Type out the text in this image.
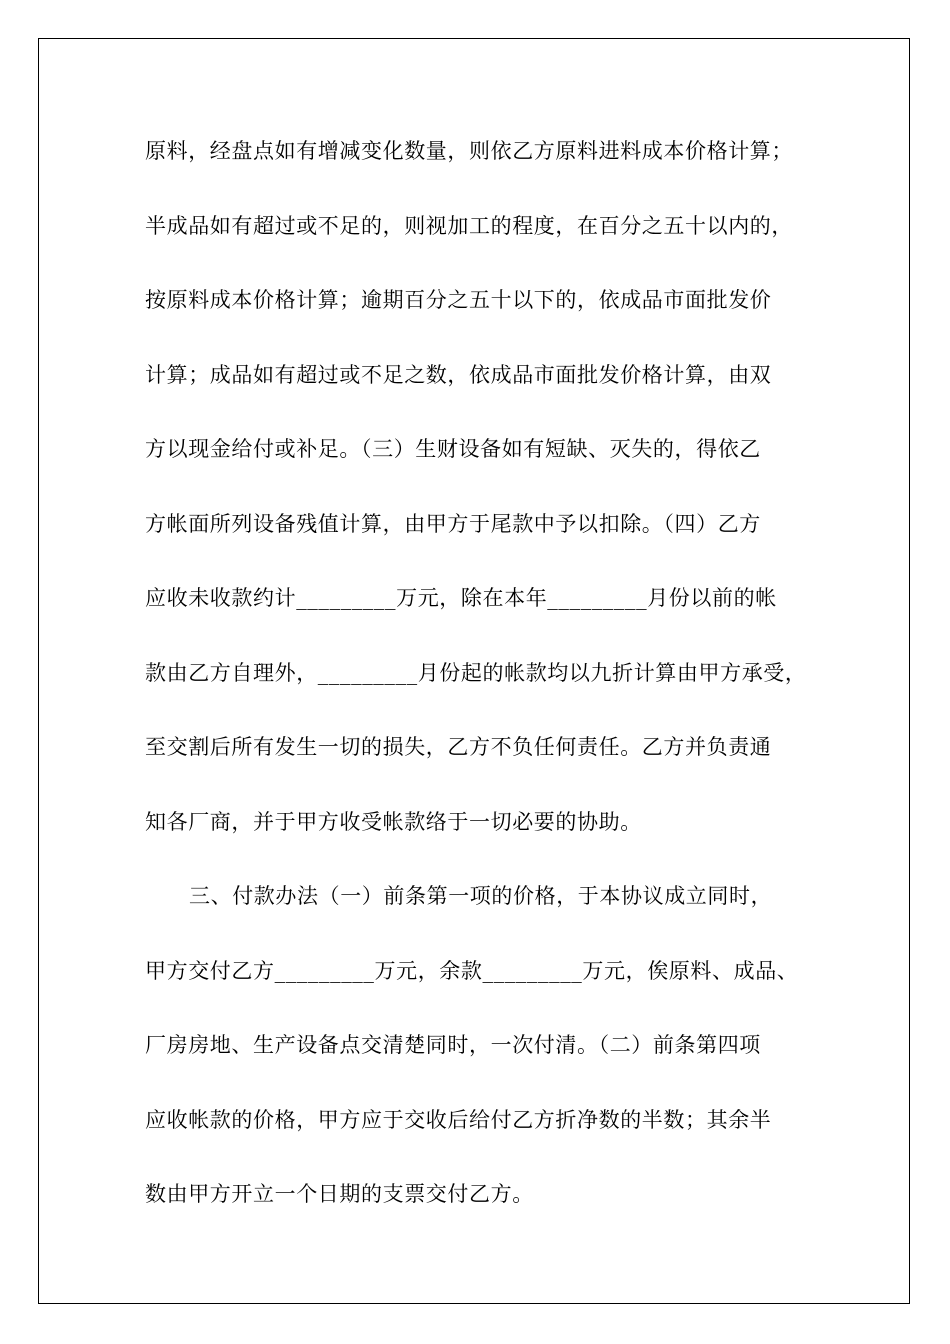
原料，经盘点如有增减变化数量，则依乙方原料进料成本价格计算；
半成品如有超过或不足的，则视加工的程度，在百分之五十以内的，
按原料成本价格计算；逾期百分之五十以下的，依成品市面批发价
计算；成品如有超过或不足之数，依成品市面批发价格计算，由双
方以现金给付或补足。（三）生财设备如有短缺、灭失的，得依乙
方帐面所列设备残值计算，由甲方于尾款中予以扣除。（四）乙方
应收未收款约计_________万元，除在本年_________月份以前的帐
款由乙方自理外，_________月份起的帐款均以九折计算由甲方承受，
至交割后所有发生一切的损失，乙方不负任何责任。乙方并负责通
知各厂商，并于甲方收受帐款络于一切必要的协助。
三、付款办法（一）前条第一项的价格，于本协议成立同时，
甲方交付乙方_________万元，余款_________万元，俟原料、成品、
厂房房地、生产设备点交清楚同时，一次付清。（二）前条第四项
应收帐款的价格，甲方应于交收后给付乙方折净数的半数；其余半
数由甲方开立一个日期的支票交付乙方。
